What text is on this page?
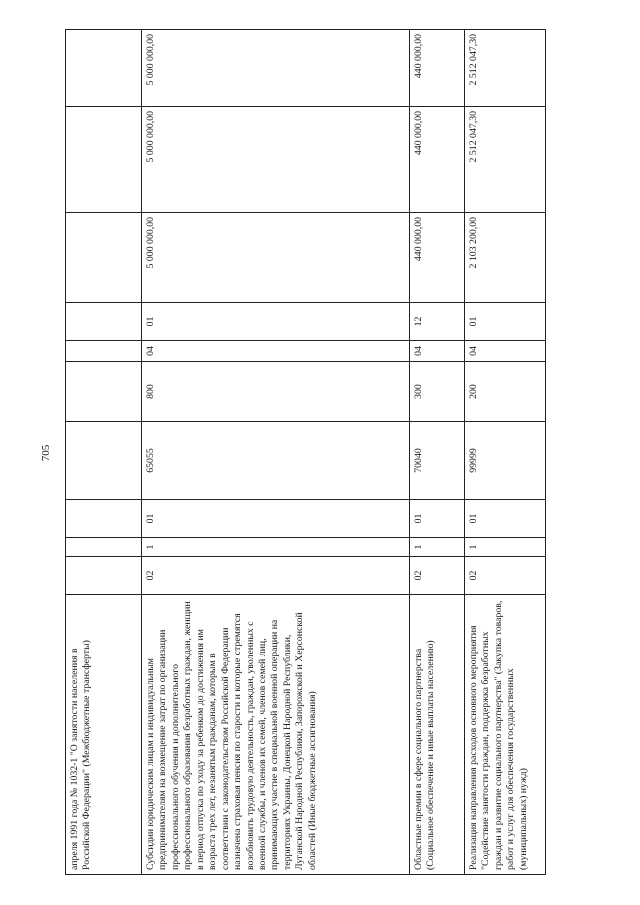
705
апреля 1991 года № 1032-1 "О занятости населения в Российской Федерации" (Межбюджетные трансферты)										
Субсидии юридическим лицам и индивидуальным предпринимателям на возмещение затрат по организации профессионального обучения и дополнительного профессионального образования безработных граждан, женщин в период отпуска по уходу за ребенком до достижения им возраста трех лет, незанятым гражданам, которым в соответствии с законодательством Российской Федерации назначена страховая пенсия по старости и которые стремятся возобновить трудовую деятельность, граждан, уволенных с военной службы, и членов их семей, членов семей лиц, принимающих участие в специальной военной операции на территориях Украины, Донецкой Народной Республики, Луганской Народной Республики, Запорожской и Херсонской областей (Иные бюджетные ассигнования)	02	1	01	65055	800	04	01	5 000 000,00	5 000 000,00	5 000 000,00
Областные премии в сфере социального партнерства (Социальное обеспечение и иные выплаты населению)	02	1	01	70040	300	04	12	440 000,00	440 000,00	440 000,00
Реализация направления расходов основного мероприятия "Содействие занятости граждан, поддержка безработных граждан и развитие социального партнерства" (Закупка товаров, работ и услуг для обеспечения государственных (муниципальных) нужд)	02	1	01	99999	200	04	01	2 103 200,00	2 512 047,30	2 512 047,30
